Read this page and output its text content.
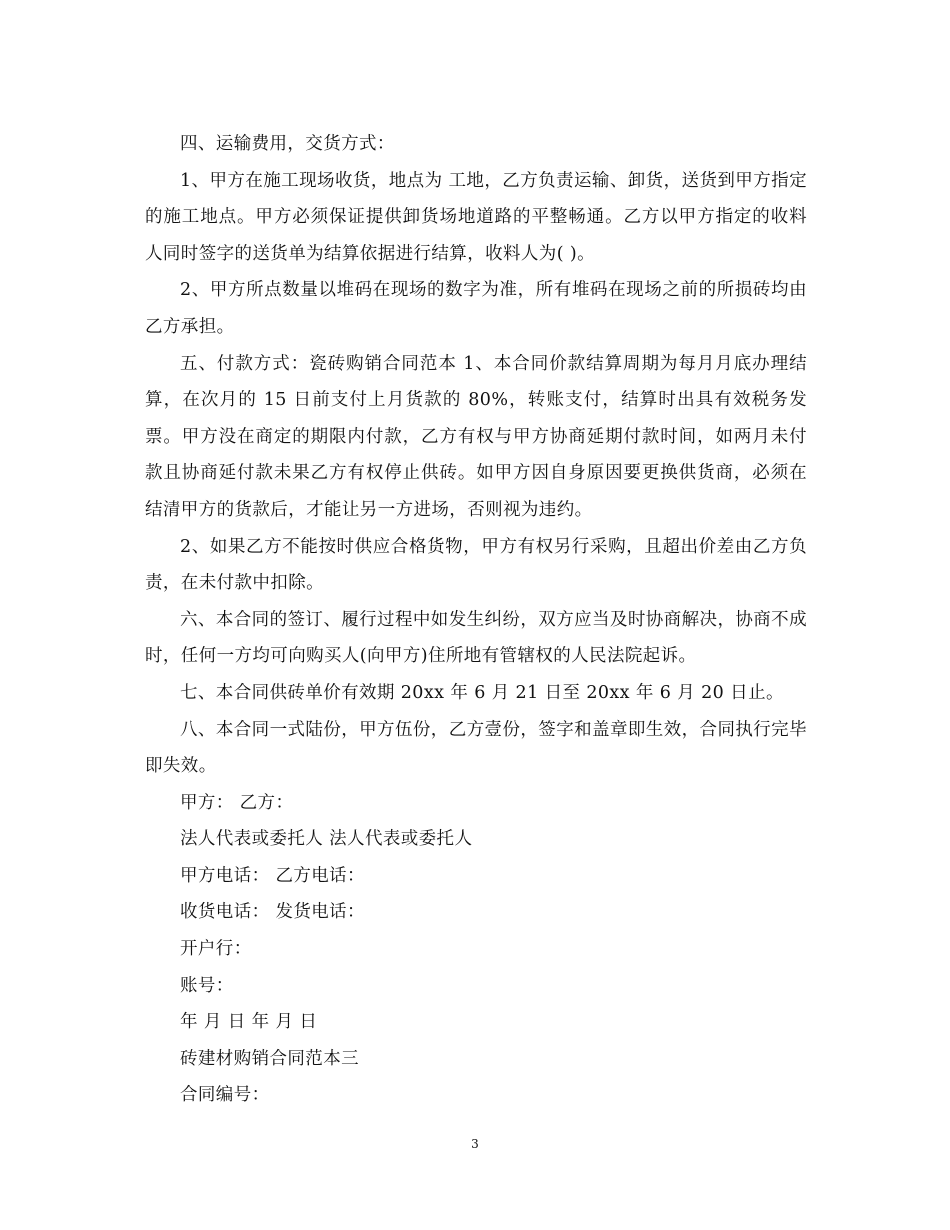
四、运输费用，交货方式：

1、甲方在施工现场收货，地点为 工地，乙方负责运输、卸货，送货到甲方指定的施工地点。甲方必须保证提供卸货场地道路的平整畅通。乙方以甲方指定的收料人同时签字的送货单为结算依据进行结算，收料人为( )。

2、甲方所点数量以堆码在现场的数字为准，所有堆码在现场之前的所损砖均由乙方承担。

五、付款方式：瓷砖购销合同范本 1、本合同价款结算周期为每月月底办理结算，在次月的 15 日前支付上月货款的 80%，转账支付，结算时出具有效税务发票。甲方没在商定的期限内付款，乙方有权与甲方协商延期付款时间，如两月未付款且协商延付款未果乙方有权停止供砖。如甲方因自身原因要更换供货商，必须在结清甲方的货款后，才能让另一方进场，否则视为违约。

2、如果乙方不能按时供应合格货物，甲方有权另行采购，且超出价差由乙方负责，在未付款中扣除。

六、本合同的签订、履行过程中如发生纠纷，双方应当及时协商解决，协商不成时，任何一方均可向购买人(向甲方)住所地有管辖权的人民法院起诉。

七、本合同供砖单价有效期 20xx 年 6 月 21 日至 20xx 年 6 月 20 日止。

八、本合同一式陆份，甲方伍份，乙方壹份，签字和盖章即生效，合同执行完毕即失效。

甲方： 乙方：

法人代表或委托人 法人代表或委托人

甲方电话： 乙方电话：

收货电话： 发货电话：

开户行：

账号：

年 月 日 年 月 日

砖建材购销合同范本三

合同编号：

3
